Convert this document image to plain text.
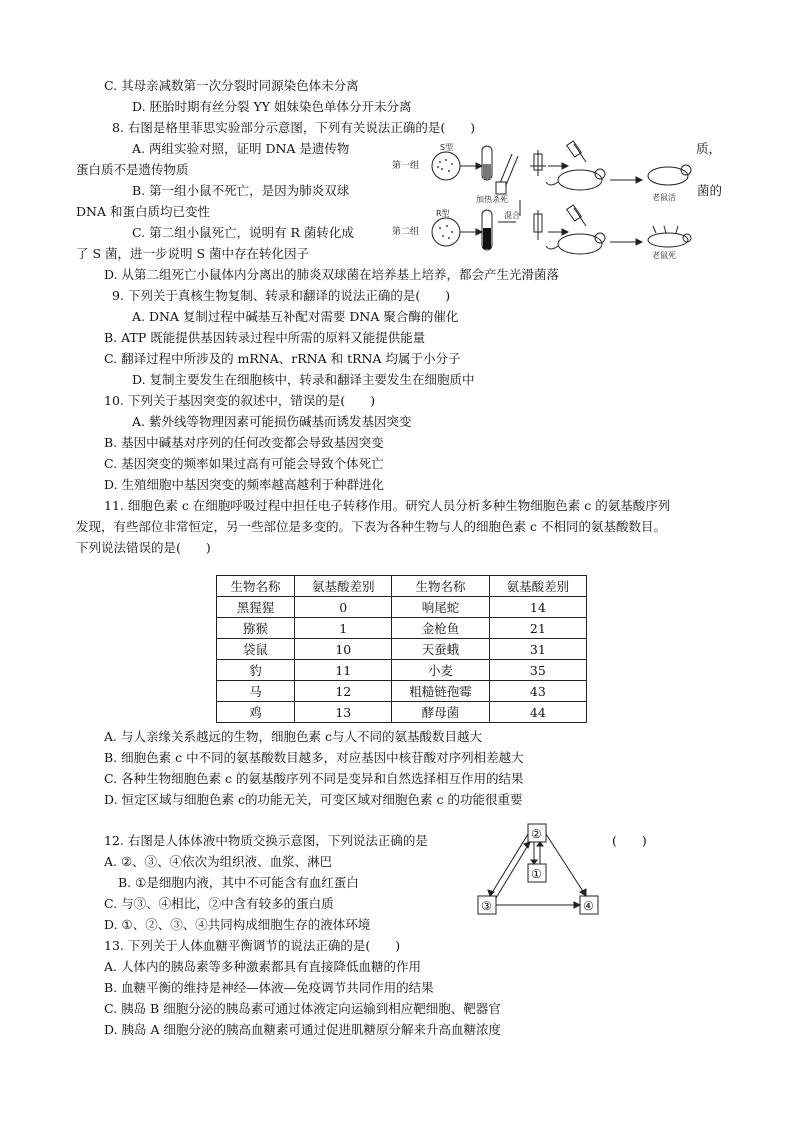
C. 其母亲减数第一次分裂时同源染色体未分离
D. 胚胎时期有丝分裂 YY 姐妹染色单体分开未分离
8. 右图是格里菲思实验部分示意图，下列有关说法正确的是(　　)
A. 两组实验对照，证明 DNA 是遗传物	质，
蛋白质不是遗传物质
B. 第一组小鼠不死亡，是因为肺炎双球	菌的
DNA 和蛋白质均已变性
C. 第二组小鼠死亡，说明有 R 菌转化成
了 S 菌，进一步说明 S 菌中存在转化因子
D. 从第二组死亡小鼠体内分离出的肺炎双球菌在培养基上培养，都会产生光滑菌落
第一组
S型
加热杀死	老鼠活
第二组
R型	混合
老鼠死
9. 下列关于真核生物复制、转录和翻译的说法正确的是(　　)
A. DNA 复制过程中碱基互补配对需要 DNA 聚合酶的催化
B. ATP 既能提供基因转录过程中所需的原料又能提供能量
C. 翻译过程中所涉及的 mRNA、rRNA 和 tRNA 均属于小分子
D. 复制主要发生在细胞核中，转录和翻译主要发生在细胞质中
10. 下列关于基因突变的叙述中，错误的是(　　)
A. 紫外线等物理因素可能损伤碱基而诱发基因突变
B. 基因中碱基对序列的任何改变都会导致基因突变
C. 基因突变的频率如果过高有可能会导致个体死亡
D. 生殖细胞中基因突变的频率越高越利于种群进化
11. 细胞色素 c 在细胞呼吸过程中担任电子转移作用。研究人员分析多种生物细胞色素 c 的氨基酸序列
发现，有些部位非常恒定，另一些部位是多变的。下表为各种生物与人的细胞色素 c 不相同的氨基酸数目。
下列说法错误的是(　　)
生物名称	氨基酸差别	生物名称	氨基酸差别
黑猩猩	0	响尾蛇	14
猕猴	1	金枪鱼	21
袋鼠	10	天蚕蛾	31
豹	11	小麦	35
马	12	粗糙链孢霉	43
鸡	13	酵母菌	44
A. 与人亲缘关系越远的生物，细胞色素 c与人不同的氨基酸数目越大
B. 细胞色素 c 中不同的氨基酸数目越多，对应基因中核苷酸对序列相差越大
C. 各种生物细胞色素 c 的氨基酸序列不同是变异和自然选择相互作用的结果
D. 恒定区域与细胞色素 c的功能无关，可变区域对细胞色素 c 的功能很重要
12. 右图是人体体液中物质交换示意图，下列说法正确的是	(　　)
A. ②、③、④依次为组织液、血浆、淋巴
B. ①是细胞内液，其中不可能含有血红蛋白
C. 与③、④相比，②中含有较多的蛋白质
D. ①、②、③、④共同构成细胞生存的液体环境
②
①
③	④
13. 下列关于人体血糖平衡调节的说法正确的是(　　)
A. 人体内的胰岛素等多种激素都具有直接降低血糖的作用
B. 血糖平衡的维持是神经—体液—免疫调节共同作用的结果
C. 胰岛 B 细胞分泌的胰岛素可通过体液定向运输到相应靶细胞、靶器官
D. 胰岛 A 细胞分泌的胰高血糖素可通过促进肌糖原分解来升高血糖浓度
